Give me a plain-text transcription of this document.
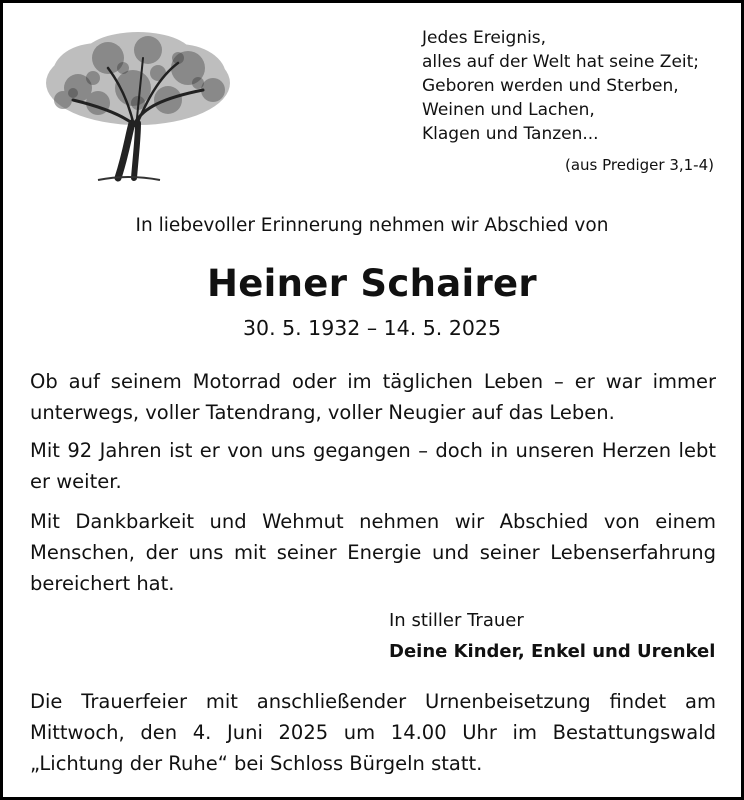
Jedes Ereignis,
alles auf der Welt hat seine Zeit;
Geboren werden und Sterben,
Weinen und Lachen,
Klagen und Tanzen...
(aus Prediger 3,1-4)
In liebevoller Erinnerung nehmen wir Abschied von
Heiner Schairer
30. 5. 1932 – 14. 5. 2025
Ob auf seinem Motorrad oder im täglichen Leben – er war immer unterwegs, voller Tatendrang, voller Neugier auf das Leben.
Mit 92 Jahren ist er von uns gegangen – doch in unseren Herzen lebt er weiter.
Mit Dankbarkeit und Wehmut nehmen wir Abschied von einem Menschen, der uns mit seiner Energie und seiner Lebenserfahrung bereichert hat.
In stiller Trauer
Deine Kinder, Enkel und Urenkel
Die Trauerfeier mit anschließender Urnenbeisetzung findet am Mittwoch, den 4. Juni 2025 um 14.00 Uhr im Bestattungswald „Lichtung der Ruhe“ bei Schloss Bürgeln statt.
